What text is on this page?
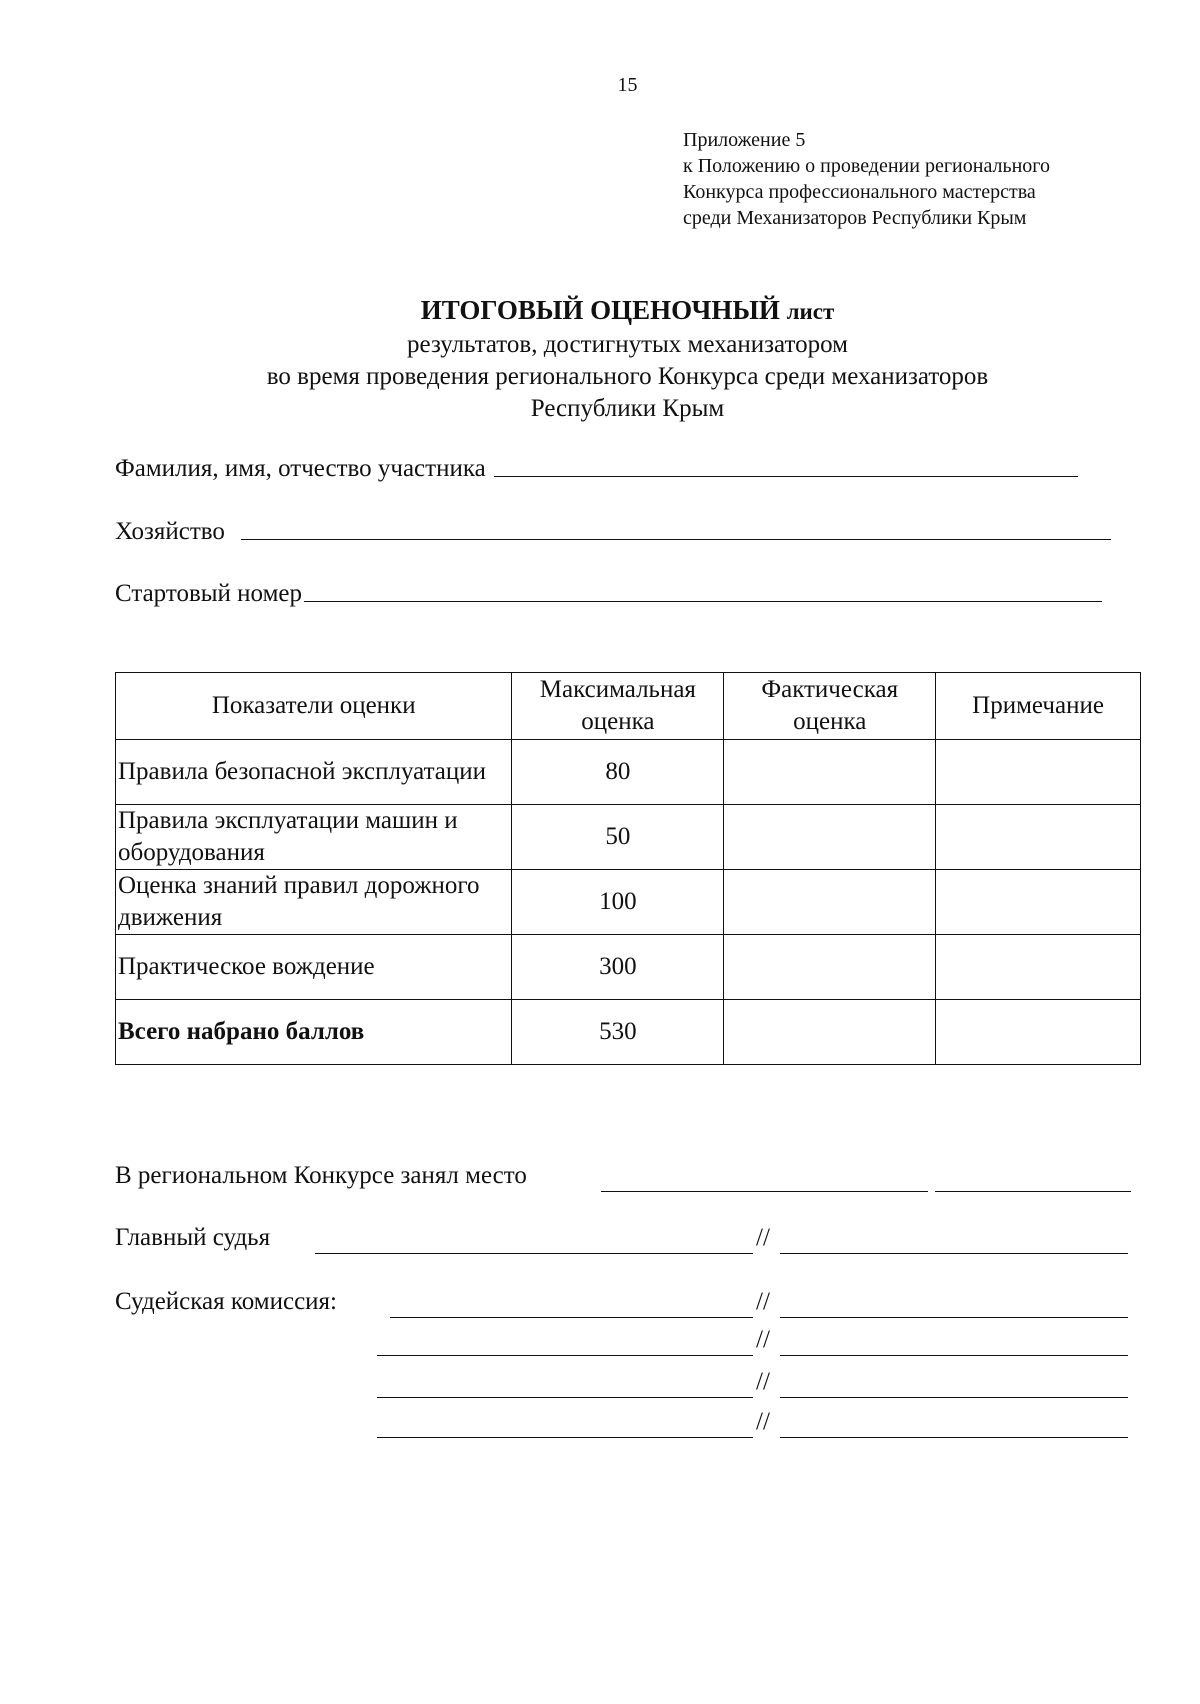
15
Приложение 5
к Положению о проведении регионального
Конкурса профессионального мастерства
среди Механизаторов Республики Крым
ИТОГОВЫЙ ОЦЕНОЧНЫЙ лист
результатов, достигнутых механизатором
во время проведения регионального Конкурса среди механизаторов
Республики Крым
Фамилия, имя, отчество участника
Хозяйство
Стартовый номер
Показатели оценки	Максимальная оценка	Фактическая оценка	Примечание
Правила безопасной эксплуатации	80		
Правила эксплуатации машин и оборудования	50		
Оценка знаний правил дорожного движения	100		
Практическое вождение	300		
Всего набрано баллов	530		
В региональном Конкурсе занял место
Главный судья	//
Судейская комиссия:	//
//
//
//
